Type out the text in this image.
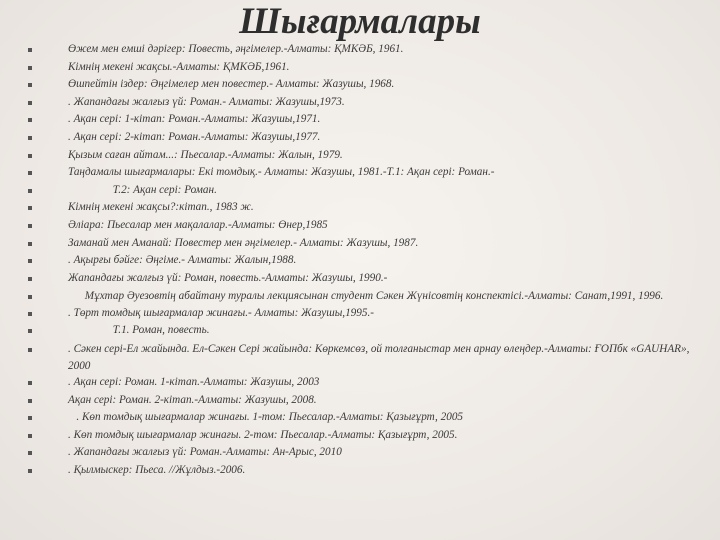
Шығармалары
Өжем мен емші дәрігер: Повесть, әңгімелер.-Алматы: ҚМКӘБ, 1961.
Кімнің мекені жақсы.-Алматы: ҚМКӘБ,1961.
Өшпейтін іздер: Әңгімелер мен повестер.- Алматы: Жазушы, 1968.
. Жапандағы жалғыз үй: Роман.- Алматы: Жазушы,1973.
. Ақан сері: 1-кітап: Роман.-Алматы: Жазушы,1971.
. Ақан сері: 2-кітап: Роман.-Алматы: Жазушы,1977.
Қызым саған айтам...: Пьесалар.-Алматы: Жалын, 1979.
Таңдамалы шығармалары: Екі томдық.- Алматы: Жазушы, 1981.-Т.1: Ақан сері: Роман.-
Т.2: Ақан сері: Роман.
Кімнің мекені жақсы?:кітап., 1983 ж.
Әліара: Пьесалар мен мақалалар.-Алматы: Өнер,1985
Заманай мен Аманай: Повестер мен әңгімелер.- Алматы: Жазушы, 1987.
. Ақырғы бәйге: Әңгіме.- Алматы: Жалын,1988.
Жапандағы жалғыз үй: Роман, повесть.-Алматы: Жазушы, 1990.-
Мұхтар Әуезовтің абайтану туралы лекциясынан студент Сәкен Жүнісовтің конспектісі.-Алматы: Санат,1991, 1996.
. Төрт томдық шығармалар жинағы.- Алматы: Жазушы,1995.-
Т.1. Роман, повесть.
. Сәкен сері-Ел жайында. Ел-Сәкен Сері жайында: Көркемсөз, ой толғаныстар мен арнау өлеңдер.-Алматы: ҒОПбк «GAUHAR», 2000
. Ақан сері: Роман. 1-кітап.-Алматы: Жазушы, 2003
Ақан сері: Роман. 2-кітап.-Алматы: Жазушы, 2008.
. Көп томдық шығармалар жинағы. 1-том: Пьесалар.-Алматы: Қазығұрт, 2005
. Көп томдық шығармалар жинағы. 2-том: Пьесалар.-Алматы: Қазығұрт, 2005.
. Жапандағы жалғыз үй: Роман.-Алматы: Ан-Арыс, 2010
. Қылмыскер: Пьеса. //Жұлдыз.-2006.
